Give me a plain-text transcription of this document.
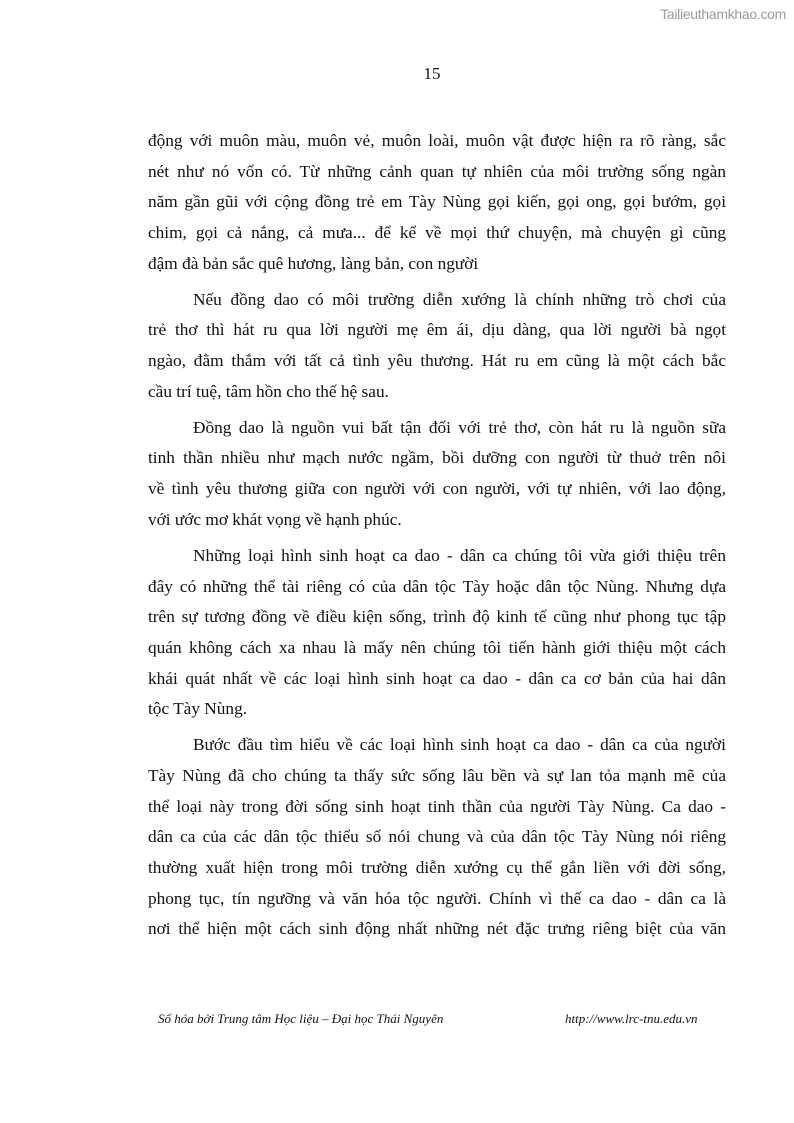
Tailieuthamkhao.com
15
động với muôn màu, muôn vẻ, muôn loài, muôn vật được hiện ra rõ ràng, sắc
nét như nó vốn có. Từ những cảnh quan tự nhiên của môi trường sống ngàn
năm gần gũi với cộng đồng trẻ em Tày Nùng gọi kiến, gọi ong, gọi bướm, gọi
chim, gọi cả nắng, cả mưa... để kể về mọi thứ chuyện, mà chuyện gì cũng
đậm đà bản sắc quê hương, làng bản, con người
Nếu đồng dao có môi trường diễn xướng là chính những trò chơi của
trẻ thơ thì hát ru qua lời người mẹ êm ái, dịu dàng, qua lời người bà ngọt
ngào, đằm thắm với tất cả tình yêu thương. Hát ru em cũng là một cách bắc
cầu trí tuệ, tâm hồn cho thế hệ sau.
Đồng dao là nguồn vui bất tận đối với trẻ thơ, còn hát ru là nguồn sữa
tinh thần nhiều như mạch nước ngầm, bồi dưỡng con người từ thuở trên nôi
về tình yêu thương giữa con người với con người, với tự nhiên, với lao động,
với ước mơ khát vọng về hạnh phúc.
Những loại hình sinh hoạt ca dao - dân ca chúng tôi vừa giới thiệu trên
đây có những thể tài riêng có của dân tộc Tày hoặc dân tộc Nùng. Nhưng dựa
trên sự tương đồng về điều kiện sống, trình độ kinh tế cũng như phong tục tập
quán không cách xa nhau là mấy nên chúng tôi tiến hành giới thiệu một cách
khái quát nhất về các loại hình sinh hoạt ca dao - dân ca cơ bản của hai dân
tộc Tày Nùng.
Bước đầu tìm hiểu về các loại hình sinh hoạt ca dao - dân ca của người
Tày Nùng đã cho chúng ta thấy sức sống lâu bền và sự lan tỏa mạnh mẽ của
thể loại này trong đời sống sinh hoạt tinh thần của người Tày Nùng. Ca dao -
dân ca của các dân tộc thiểu số nói chung và của dân tộc Tày Nùng nói riêng
thường xuất hiện trong môi trường diễn xướng cụ thể gắn liền với đời sống,
phong tục, tín ngưỡng và văn hóa tộc người. Chính vì thế ca dao - dân ca là
nơi thể hiện một cách sinh động nhất những nét đặc trưng riêng biệt của văn
Số hóa bởi Trung tâm Học liệu – Đại học Thái Nguyên	http://www.lrc-tnu.edu.vn
